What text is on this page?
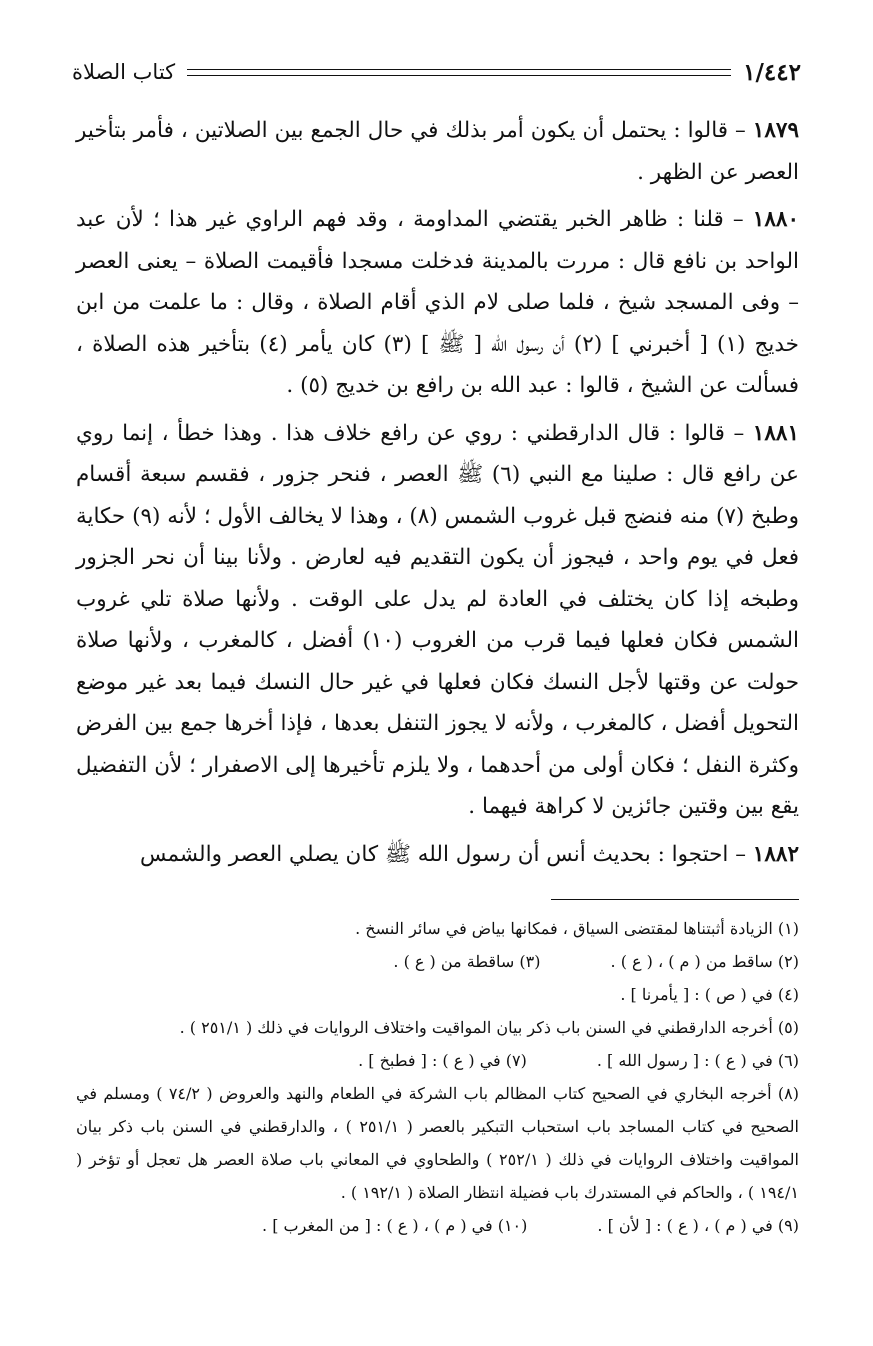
١/٤٤٢
كتاب الصلاة

١٨٧٩ – قالوا : يحتمل أن يكون أمر بذلك في حال الجمع بين الصلاتين ، فأمر بتأخير العصر عن الظهر .

١٨٨٠ – قلنا : ظاهر الخبر يقتضي المداومة ، وقد فهم الراوي غير هذا ؛ لأن عبد الواحد بن نافع قال : مررت بالمدينة فدخلت مسجدا فأقيمت الصلاة – يعنى العصر – وفى المسجد شيخ ، فلما صلى لام الذي أقام الصلاة ، وقال : ما علمت من ابن خديج (١) [ أخبرني ] (٢) أن رسول الله [ ﷺ ] (٣) كان يأمر (٤) بتأخير هذه الصلاة ، فسألت عن الشيخ ، قالوا : عبد الله بن رافع بن خديج (٥) .

١٨٨١ – قالوا : قال الدارقطني : روي عن رافع خلاف هذا . وهذا خطأ ، إنما روي عن رافع قال : صلينا مع النبي (٦) ﷺ العصر ، فنحر جزور ، فقسم سبعة أقسام وطبخ (٧) منه فنضج قبل غروب الشمس (٨) ، وهذا لا يخالف الأول ؛ لأنه (٩) حكاية فعل في يوم واحد ، فيجوز أن يكون التقديم فيه لعارض . ولأنا بينا أن نحر الجزور وطبخه إذا كان يختلف في العادة لم يدل على الوقت . ولأنها صلاة تلي غروب الشمس فكان فعلها فيما قرب من الغروب (١٠) أفضل ، كالمغرب ، ولأنها صلاة حولت عن وقتها لأجل النسك فكان فعلها في غير حال النسك فيما بعد غير موضع التحويل أفضل ، كالمغرب ، ولأنه لا يجوز التنفل بعدها ، فإذا أخرها جمع بين الفرض وكثرة النفل ؛ فكان أولى من أحدهما ، ولا يلزم تأخيرها إلى الاصفرار ؛ لأن التفضيل يقع بين وقتين جائزين لا كراهة فيهما .

١٨٨٢ – احتجوا : بحديث أنس أن رسول الله ﷺ كان يصلي العصر والشمس

(١) الزيادة أثبتناها لمقتضى السياق ، فمكانها بياض في سائر النسخ .

(٢) ساقط من ( م ) ، ( ع ) .

(٣) ساقطة من ( ع ) .

(٤) في ( ص ) : [ يأمرنا ] .

(٥) أخرجه الدارقطني في السنن باب ذكر بيان المواقيت واختلاف الروايات في ذلك ( ٢٥١/١ ) .

(٦) في ( ع ) : [ رسول الله ] .

(٧) في ( ع ) : [ فطبخ ] .

(٨) أخرجه البخاري في الصحيح كتاب المظالم باب الشركة في الطعام والنهد والعروض ( ٧٤/٢ ) ومسلم في الصحيح في كتاب المساجد باب استحباب التبكير بالعصر ( ٢٥١/١ ) ، والدارقطني في السنن باب ذكر بيان المواقيت واختلاف الروايات في ذلك ( ٢٥٢/١ ) والطحاوي في المعاني باب صلاة العصر هل تعجل أو تؤخر ( ١٩٤/١ ) ، والحاكم في المستدرك باب فضيلة انتظار الصلاة ( ١٩٢/١ ) .

(٩) في ( م ) ، ( ع ) : [ لأن ] .

(١٠) في ( م ) ، ( ع ) : [ من المغرب ] .
